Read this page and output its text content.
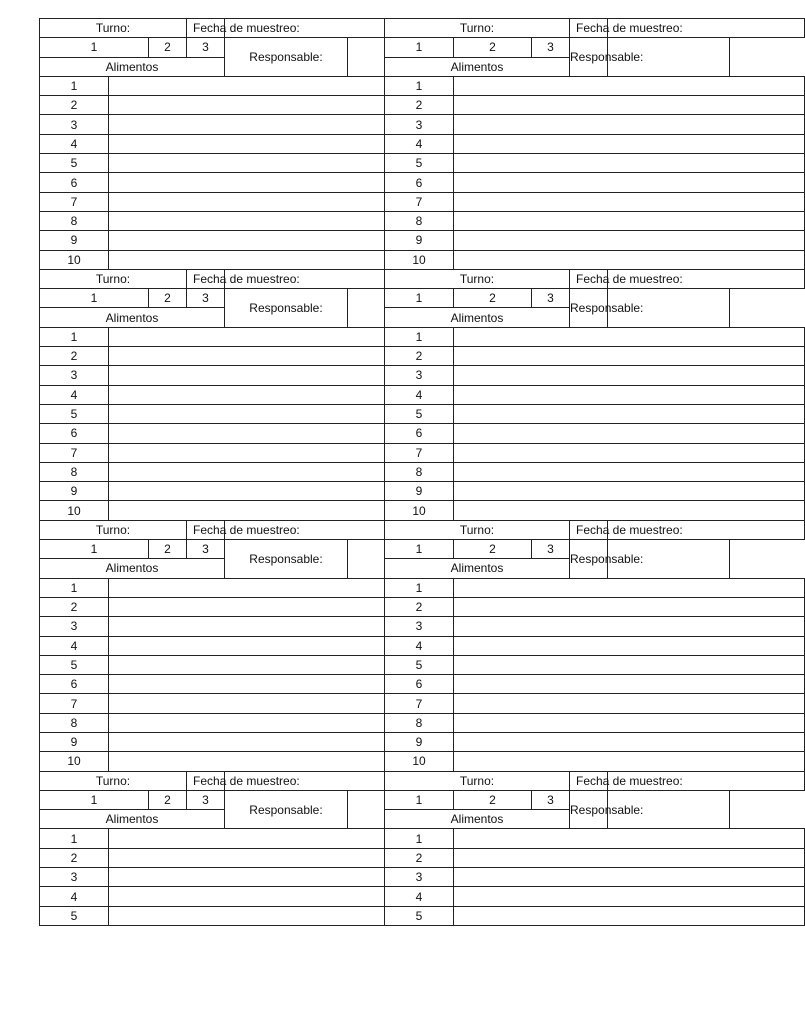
Turno:			Fecha de muestreo:			Turno:			Fecha de muestreo:	
1		2	3	Responsable:		1	2	3	Responsable:	
Alimentos						Alimentos				
1						1				
2						2				
3						3				
4						4				
5						5				
6						6				
7						7				
8						8				
9						9				
10						10				
Turno:			Fecha de muestreo:			Turno:			Fecha de muestreo:	
1		2	3	Responsable:		1	2	3	Responsable:	
Alimentos						Alimentos				
1						1				
2						2				
3						3				
4						4				
5						5				
6						6				
7						7				
8						8				
9						9				
10						10				
Turno:			Fecha de muestreo:			Turno:			Fecha de muestreo:	
1		2	3	Responsable:		1	2	3	Responsable:	
Alimentos						Alimentos				
1						1				
2						2				
3						3				
4						4				
5						5				
6						6				
7						7				
8						8				
9						9				
10						10				
Turno:			Fecha de muestreo:			Turno:			Fecha de muestreo:	
1		2	3	Responsable:		1	2	3	Responsable:	
Alimentos						Alimentos				
1						1				
2						2				
3						3				
4						4				
5						5				
